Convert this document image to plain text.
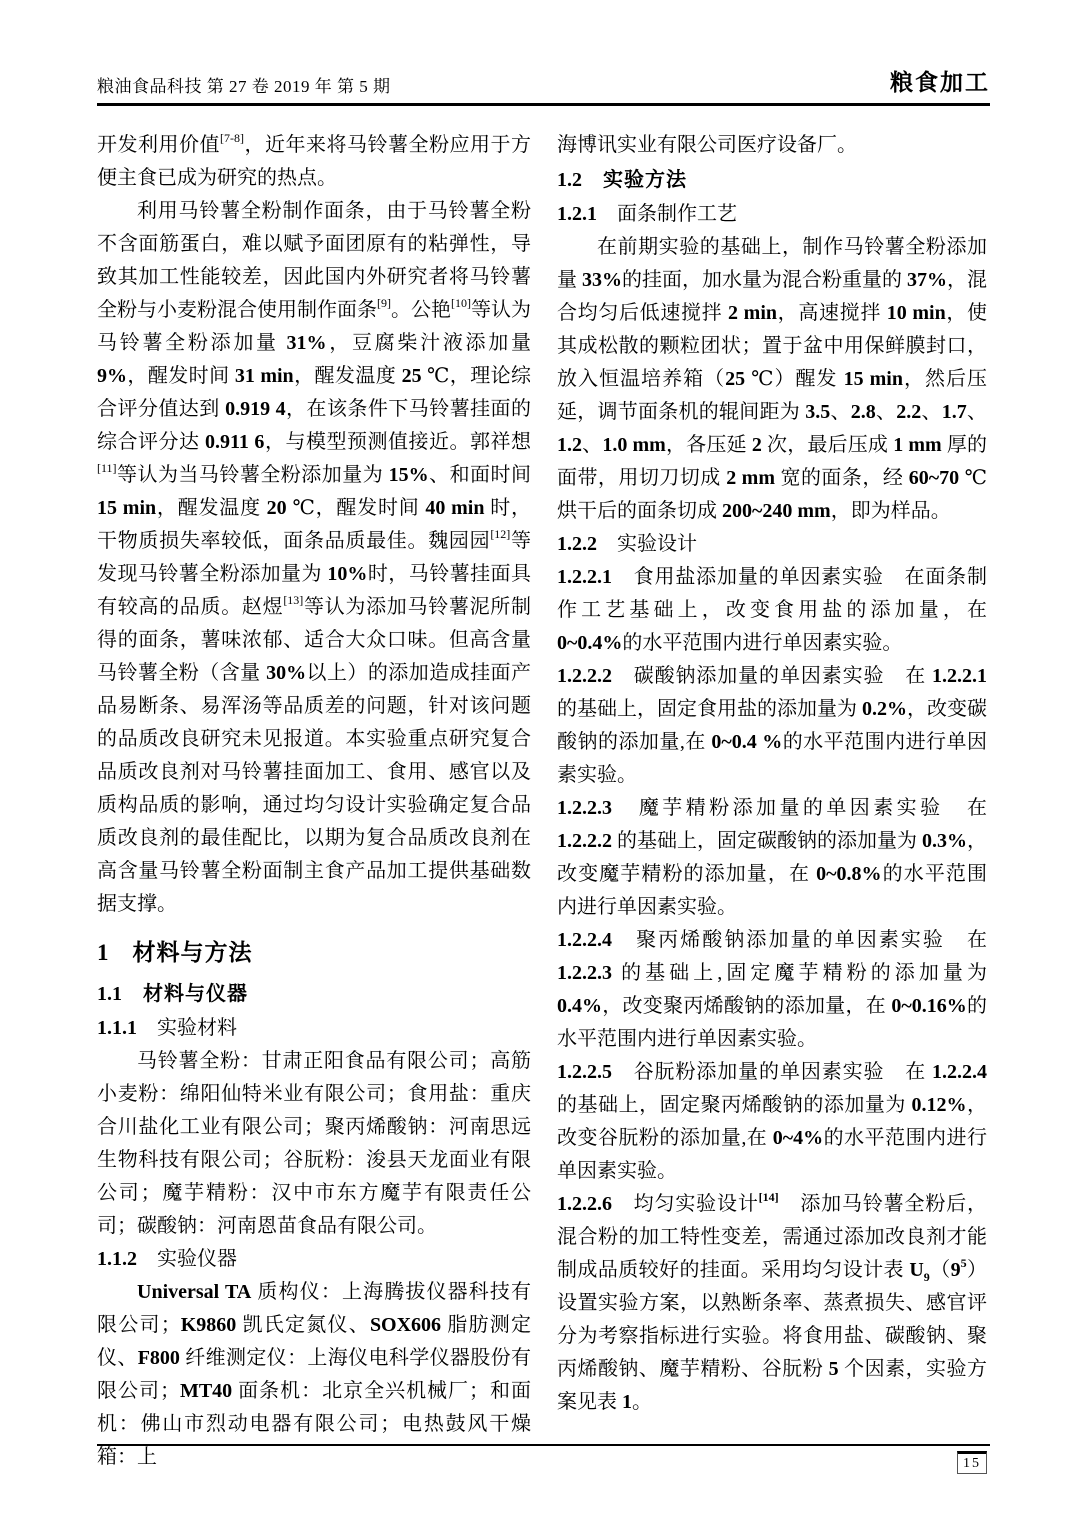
粮油食品科技 第 27 卷 2019 年 第 5 期	粮食加工

开发利用价值[7-8]，近年来将马铃薯全粉应用于方便主食已成为研究的热点。

利用马铃薯全粉制作面条，由于马铃薯全粉不含面筋蛋白，难以赋予面团原有的粘弹性，导致其加工性能较差，因此国内外研究者将马铃薯全粉与小麦粉混合使用制作面条[9]。公艳[10]等认为马铃薯全粉添加量 31%，豆腐柴汁液添加量9%，醒发时间 31 min，醒发温度 25 ℃，理论综合评分值达到 0.919 4，在该条件下马铃薯挂面的综合评分达 0.911 6，与模型预测值接近。郭祥想[11]等认为当马铃薯全粉添加量为 15%、和面时间 15 min，醒发温度 20 ℃，醒发时间 40 min 时，干物质损失率较低，面条品质最佳。魏园园[12]等发现马铃薯全粉添加量为 10%时，马铃薯挂面具有较高的品质。赵煜[13]等认为添加马铃薯泥所制得的面条，薯味浓郁、适合大众口味。但高含量马铃薯全粉（含量 30%以上）的添加造成挂面产品易断条、易浑汤等品质差的问题，针对该问题的品质改良研究未见报道。本实验重点研究复合品质改良剂对马铃薯挂面加工、食用、感官以及质构品质的影响，通过均匀设计实验确定复合品质改良剂的最佳配比，以期为复合品质改良剂在高含量马铃薯全粉面制主食产品加工提供基础数据支撑。

1　材料与方法
1.1　材料与仪器

1.1.1　实验材料

马铃薯全粉：甘肃正阳食品有限公司；高筋小麦粉：绵阳仙特米业有限公司；食用盐：重庆合川盐化工业有限公司；聚丙烯酸钠：河南思远生物科技有限公司；谷朊粉：浚县天龙面业有限公司；魔芋精粉：汉中市东方魔芋有限责任公司；碳酸钠：河南恩苗食品有限公司。

1.1.2　实验仪器

Universal TA 质构仪：上海腾拔仪器科技有限公司；K9860 凯氏定氮仪、SOX606 脂肪测定仪、F800 纤维测定仪：上海仪电科学仪器股份有限公司；MT40 面条机：北京全兴机械厂；和面机：佛山市烈动电器有限公司；电热鼓风干燥箱：上

海博讯实业有限公司医疗设备厂。

1.2　实验方法

1.2.1　面条制作工艺

在前期实验的基础上，制作马铃薯全粉添加量 33%的挂面，加水量为混合粉重量的 37%，混合均匀后低速搅拌 2 min，高速搅拌 10 min，使其成松散的颗粒团状；置于盆中用保鲜膜封口，放入恒温培养箱（25 ℃）醒发 15 min，然后压延，调节面条机的辊间距为 3.5、2.8、2.2、1.7、1.2、1.0 mm，各压延 2 次，最后压成 1 mm 厚的面带，用切刀切成 2 mm 宽的面条，经 60~70 ℃烘干后的面条切成 200~240 mm，即为样品。

1.2.2　实验设计

1.2.2.1　食用盐添加量的单因素实验　在面条制作工艺基础上，改变食用盐的添加量，在 0~0.4%的水平范围内进行单因素实验。

1.2.2.2　碳酸钠添加量的单因素实验　在 1.2.2.1 的基础上，固定食用盐的添加量为 0.2%，改变碳酸钠的添加量,在 0~0.4 %的水平范围内进行单因素实验。

1.2.2.3　魔芋精粉添加量的单因素实验　在 1.2.2.2 的基础上，固定碳酸钠的添加量为 0.3%，改变魔芋精粉的添加量，在 0~0.8%的水平范围内进行单因素实验。

1.2.2.4　聚丙烯酸钠添加量的单因素实验　在 1.2.2.3 的基础上,固定魔芋精粉的添加量为 0.4%，改变聚丙烯酸钠的添加量，在 0~0.16%的水平范围内进行单因素实验。

1.2.2.5　谷朊粉添加量的单因素实验　在 1.2.2.4 的基础上，固定聚丙烯酸钠的添加量为 0.12%，改变谷朊粉的添加量,在 0~4%的水平范围内进行单因素实验。

1.2.2.6　均匀实验设计[14]　添加马铃薯全粉后，混合粉的加工特性变差，需通过添加改良剂才能制成品质较好的挂面。采用均匀设计表 $U_9(9^5)$设置实验方案，以熟断条率、蒸煮损失、感官评分为考察指标进行实验。将食用盐、碳酸钠、聚丙烯酸钠、魔芋精粉、谷朊粉 5 个因素，实验方案见表 1。

15
